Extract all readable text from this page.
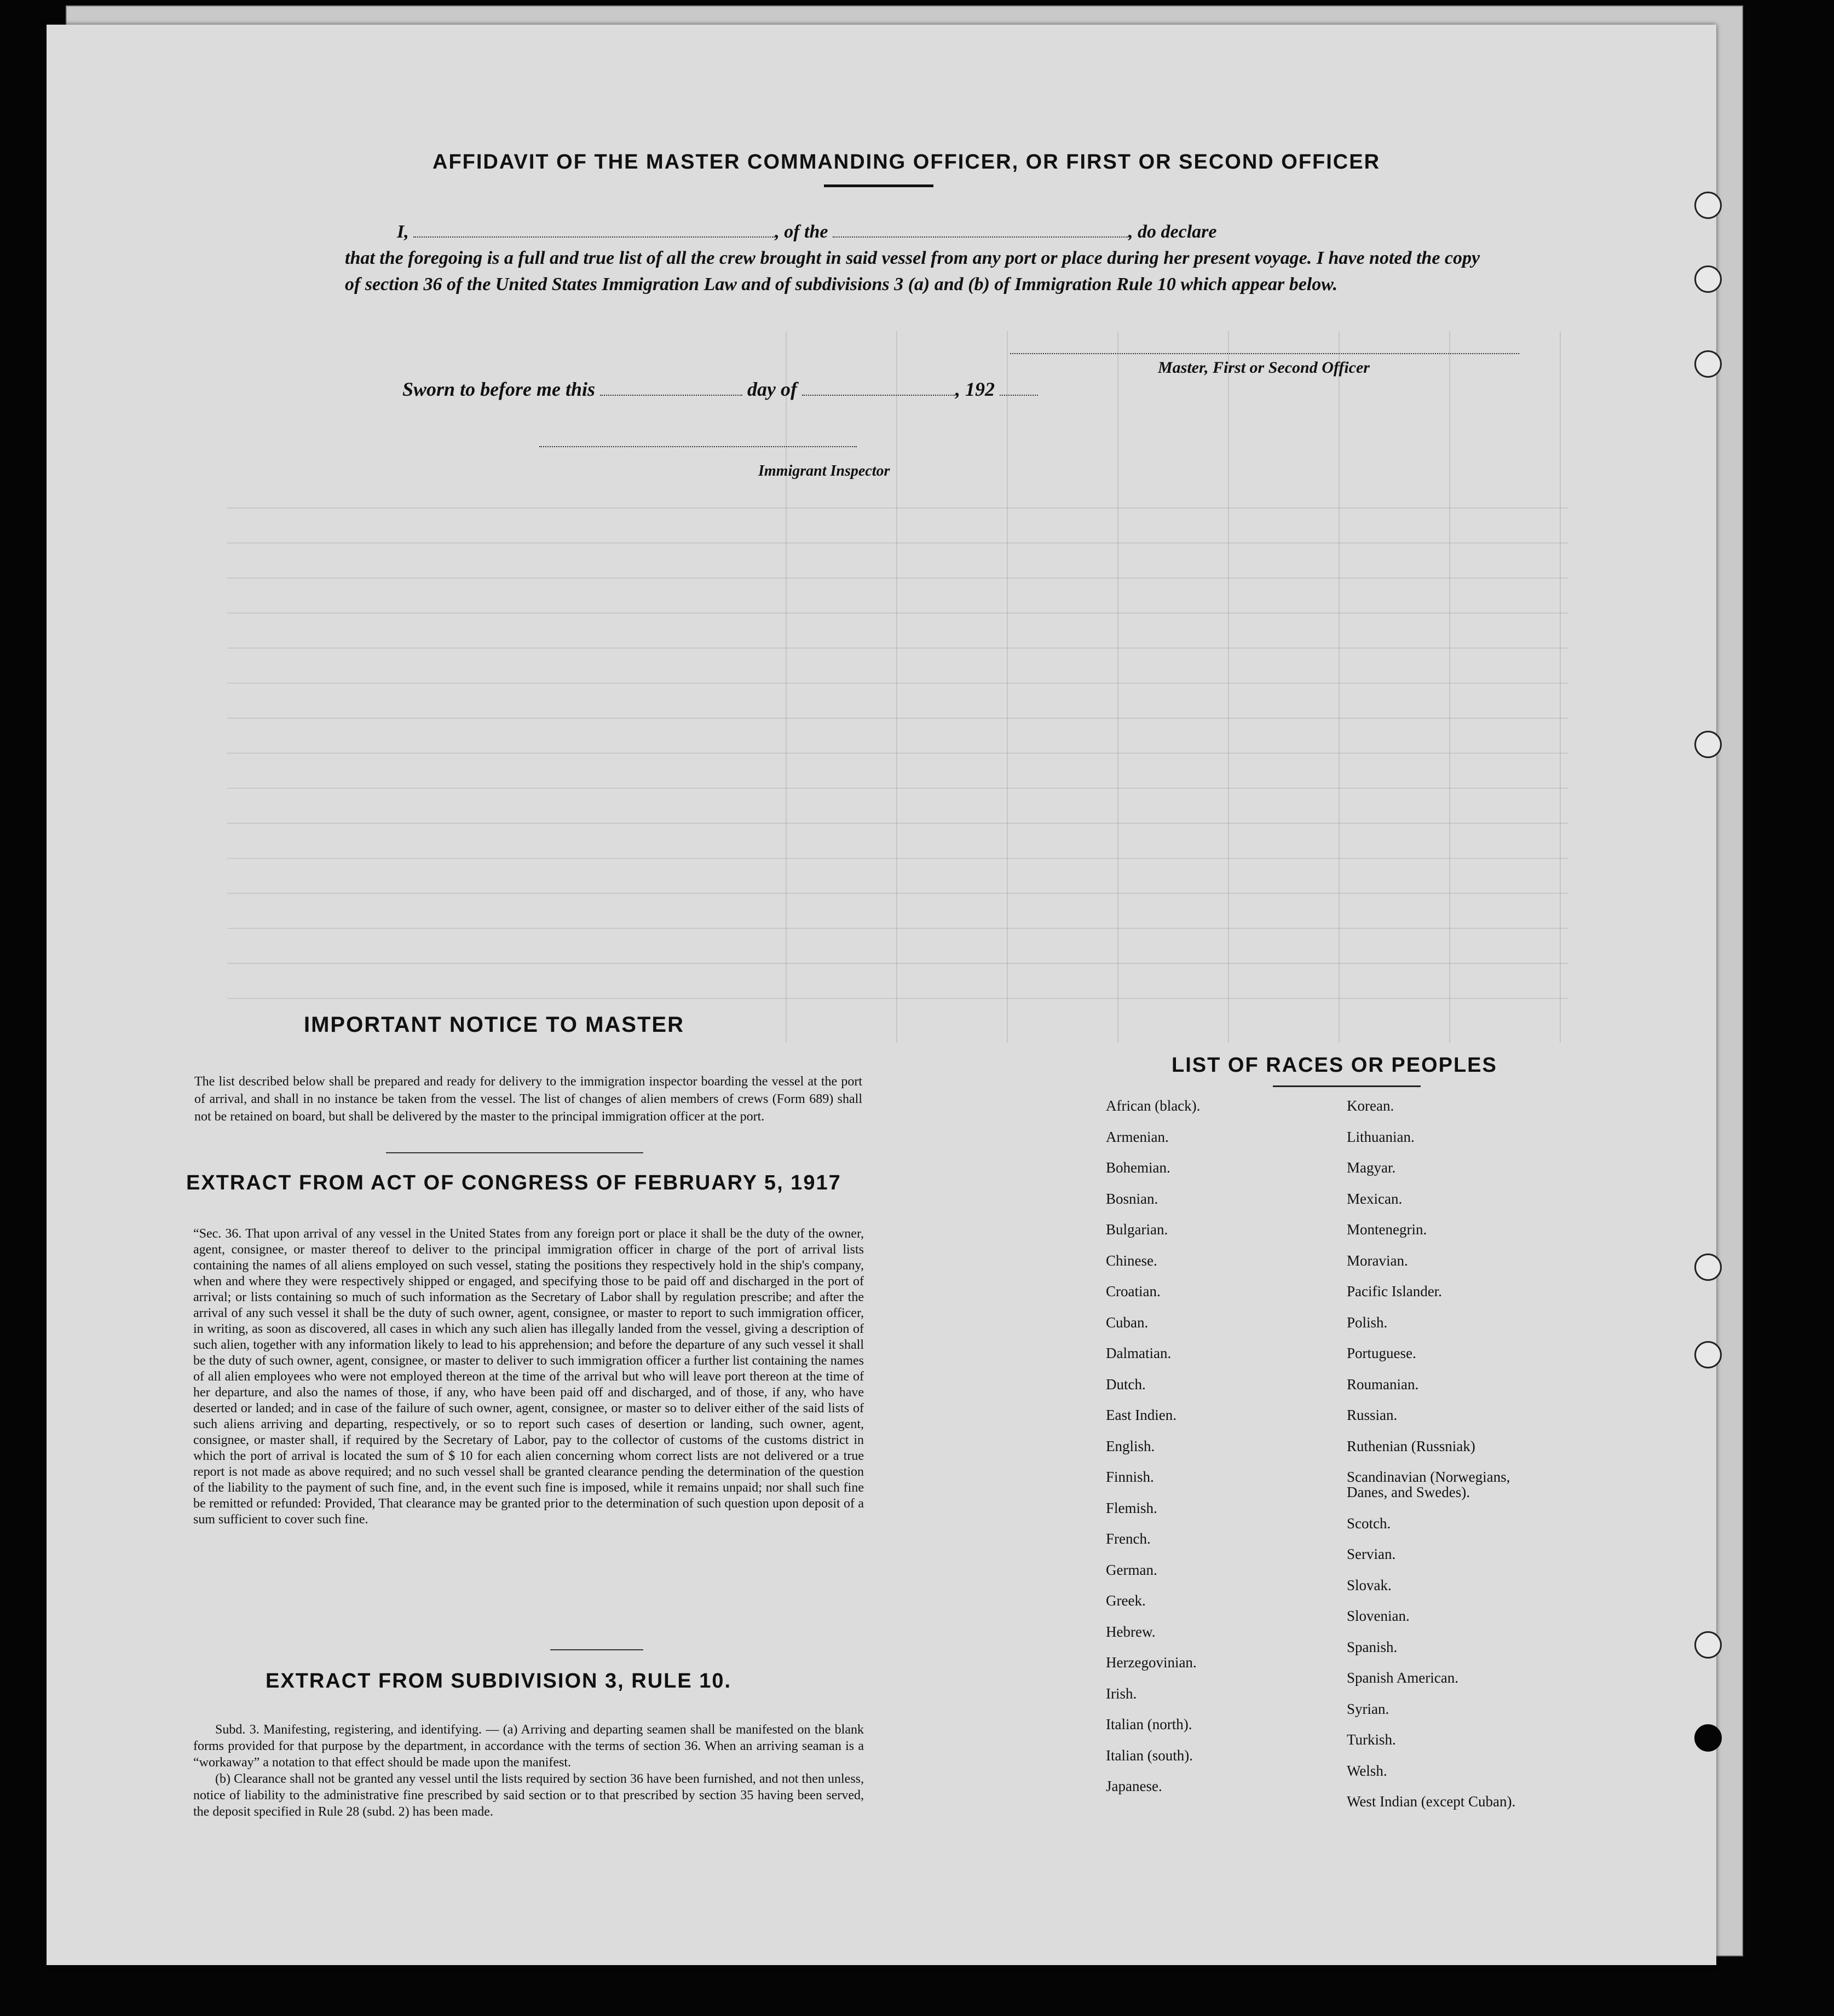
AFFIDAVIT OF THE MASTER COMMANDING OFFICER, OR FIRST OR SECOND OFFICER
I,	, of the	, do declare
that the foregoing is a full and true list of all the crew brought in said vessel from any port or place during her present voyage. I have noted the copy of section 36 of the United States Immigration Law and of subdivisions 3 (a) and (b) of Immigration Rule 10 which appear below.
Master, First or Second Officer
Sworn to before me this	day of	, 192
Immigrant Inspector
IMPORTANT NOTICE TO MASTER
The list described below shall be prepared and ready for delivery to the immigration inspector boarding the vessel at the port of arrival, and shall in no instance be taken from the vessel. The list of changes of alien members of crews (Form 689) shall not be retained on board, but shall be delivered by the master to the principal immigration officer at the port.
EXTRACT FROM ACT OF CONGRESS OF FEBRUARY 5, 1917
“Sec. 36. That upon arrival of any vessel in the United States from any foreign port or place it shall be the duty of the owner, agent, consignee, or master thereof to deliver to the principal immigration officer in charge of the port of arrival lists containing the names of all aliens employed on such vessel, stating the positions they respectively hold in the ship's company, when and where they were respectively shipped or engaged, and specifying those to be paid off and discharged in the port of arrival; or lists containing so much of such information as the Secretary of Labor shall by regulation prescribe; and after the arrival of any such vessel it shall be the duty of such owner, agent, consignee, or master to report to such immigration officer, in writing, as soon as discovered, all cases in which any such alien has illegally landed from the vessel, giving a description of such alien, together with any information likely to lead to his apprehension; and before the departure of any such vessel it shall be the duty of such owner, agent, consignee, or master to deliver to such immigration officer a further list containing the names of all alien employees who were not employed thereon at the time of the arrival but who will leave port thereon at the time of her departure, and also the names of those, if any, who have been paid off and discharged, and of those, if any, who have deserted or landed; and in case of the failure of such owner, agent, consignee, or master so to deliver either of the said lists of such aliens arriving and departing, respectively, or so to report such cases of desertion or landing, such owner, agent, consignee, or master shall, if required by the Secretary of Labor, pay to the collector of customs of the customs district in which the port of arrival is located the sum of $ 10 for each alien concerning whom correct lists are not delivered or a true report is not made as above required; and no such vessel shall be granted clearance pending the determination of the question of the liability to the payment of such fine, and, in the event such fine is imposed, while it remains unpaid; nor shall such fine be remitted or refunded: Provided, That clearance may be granted prior to the determination of such question upon deposit of a sum sufficient to cover such fine.
EXTRACT FROM SUBDIVISION 3, RULE 10.
Subd. 3. Manifesting, registering, and identifying. — (a) Arriving and departing seamen shall be manifested on the blank forms provided for that purpose by the department, in accordance with the terms of section 36. When an arriving seaman is a “workaway” a notation to that effect should be made upon the manifest.
(b) Clearance shall not be granted any vessel until the lists required by section 36 have been furnished, and not then unless, notice of liability to the administrative fine prescribed by said section or to that prescribed by section 35 having been served, the deposit specified in Rule 28 (subd. 2) has been made.
LIST OF RACES OR PEOPLES
African (black).
Armenian.
Bohemian.
Bosnian.
Bulgarian.
Chinese.
Croatian.
Cuban.
Dalmatian.
Dutch.
East Indien.
English.
Finnish.
Flemish.
French.
German.
Greek.
Hebrew.
Herzegovinian.
Irish.
Italian (north).
Italian (south).
Japanese.
Korean.
Lithuanian.
Magyar.
Mexican.
Montenegrin.
Moravian.
Pacific Islander.
Polish.
Portuguese.
Roumanian.
Russian.
Ruthenian (Russniak)
Scandinavian (Norwegians,
Danes, and Swedes).
Scotch.
Servian.
Slovak.
Slovenian.
Spanish.
Spanish American.
Syrian.
Turkish.
Welsh.
West Indian (except Cuban).
